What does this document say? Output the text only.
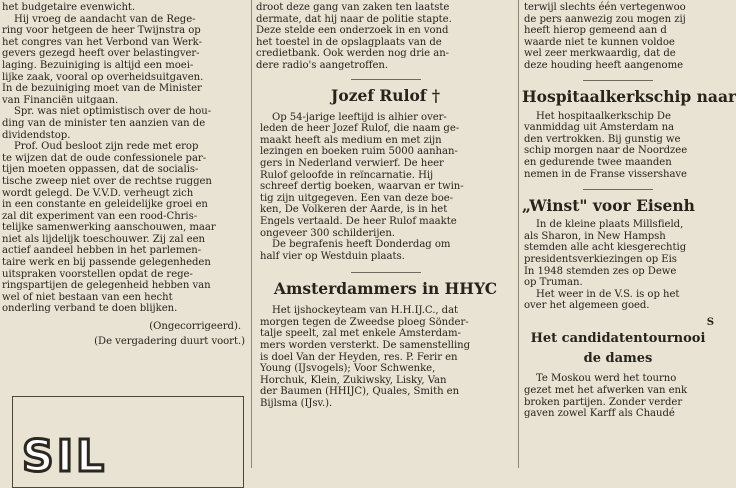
het budgetaire evenwicht.
Hij vroeg de aandacht van de Rege-
ring voor hetgeen de heer Twijnstra op
het congres van het Verbond van Werk-
gevers gezegd heeft over belastingver-
laging. Bezuiniging is altijd een moei-
lijke zaak, vooral op overheidsuitgaven.
In de bezuiniging moet van de Minister
van Financiën uitgaan.
Spr. was niet optimistisch over de hou-
ding van de minister ten aanzien van de
dividendstop.
Prof. Oud besloot zijn rede met erop
te wijzen dat de oude confessionele par-
tijen moeten oppassen, dat de socialis-
tische zweep niet over de rechtse ruggen
wordt gelegd. De V.V.D. verheugt zich
in een constante en geleidelijke groei en
zal dit experiment van een rood-Chris-
telijke samenwerking aanschouwen, maar
niet als lijdelijk toeschouwer. Zij zal een
actief aandeel hebben in het parlemen-
taire werk en bij passende gelegenheden
uitspraken voorstellen opdat de rege-
ringspartijen de gelegenheid hebben van
wel of niet bestaan van een hecht
onderling verband te doen blijken.
(Ongecorrigeerd).
(De vergadering duurt voort.)
SIL
droot deze gang van zaken ten laatste
dermate, dat hij naar de politie stapte.
Deze stelde een onderzoek in en vond
het toestel in de opslagplaats van de
credietbank. Ook werden nog drie an-
dere radio's aangetroffen.
Jozef Rulof †
Op 54-jarige leeftijd is alhier over-
leden de heer Jozef Rulof, die naam ge-
maakt heeft als medium en met zijn
lezingen en boeken ruim 5000 aanhan-
gers in Nederland verwierf. De heer
Rulof geloofde in reïncarnatie. Hij
schreef dertig boeken, waarvan er twin-
tig zijn uitgegeven. Een van deze boe-
ken, De Volkeren der Aarde, is in het
Engels vertaald. De heer Rulof maakte
ongeveer 300 schilderijen.
De begrafenis heeft Donderdag om
half vier op Westduin plaats.
Amsterdammers in HHYC
Het ijshockeyteam van H.H.IJ.C., dat
morgen tegen de Zweedse ploeg Sönder-
talje speelt, zal met enkele Amsterdam-
mers worden versterkt. De samenstelling
is doel Van der Heyden, res. P. Ferir en
Young (IJsvogels); Voor Schwenke,
Horchuk, Klein, Zukiwsky, Lisky, Van
der Baumen (HHIJC), Quales, Smith en
Bijlsma (IJsv.).
terwijl slechts één vertegenwoo
de pers aanwezig zou mogen zij
heeft hierop gemeend aan d
waarde niet te kunnen voldoe
wel zeer merkwaardig, dat de
deze houding heeft aangenome
Hospitaalkerkschip naar
Het hospitaalkerkschip De
vanmiddag uit Amsterdam na
den vertrokken. Bij gunstig we
schip morgen naar de Noordzee
en gedurende twee maanden
nemen in de Franse vissershave
„Winst" voor Eisenh
In de kleine plaats Millsfield,
als Sharon, in New Hampsh
stemden alle acht kiesgerechtig
presidentsverkiezingen op Eis
In 1948 stemden zes op Dewe
op Truman.
Het weer in de V.S. is op het
over het algemeen goed.
S
Het candidatentournooi
de dames
Te Moskou werd het tourno
gezet met het afwerken van enk
broken partijen. Zonder verder
gaven zowel Karff als Chaudé
